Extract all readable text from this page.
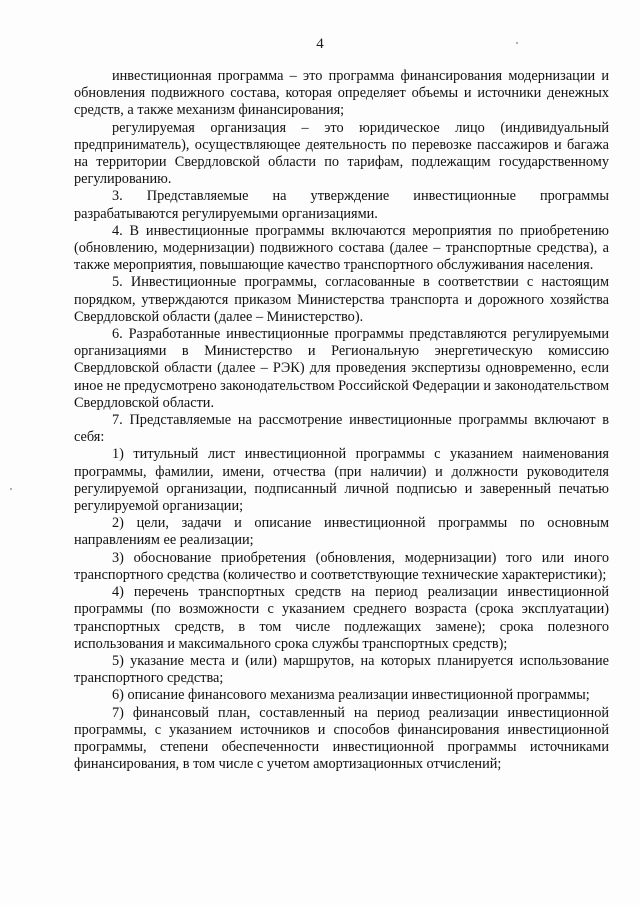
4

инвестиционная программа – это программа финансирования модернизации и обновления подвижного состава, которая определяет объемы и источники денежных средств, а также механизм финансирования;

регулируемая организация – это юридическое лицо (индивидуальный предприниматель), осуществляющее деятельность по перевозке пассажиров и багажа на территории Свердловской области по тарифам, подлежащим государственному регулированию.

3. Представляемые на утверждение инвестиционные программы разрабатываются регулируемыми организациями.

4. В инвестиционные программы включаются мероприятия по приобретению (обновлению, модернизации) подвижного состава (далее – транспортные средства), а также мероприятия, повышающие качество транспортного обслуживания населения.

5. Инвестиционные программы, согласованные в соответствии с настоящим порядком, утверждаются приказом Министерства транспорта и дорожного хозяйства Свердловской области (далее – Министерство).

6. Разработанные инвестиционные программы представляются регулируемыми организациями в Министерство и Региональную энергетическую комиссию Свердловской области (далее – РЭК) для проведения экспертизы одновременно, если иное не предусмотрено законодательством Российской Федерации и законодательством Свердловской области.

7. Представляемые на рассмотрение инвестиционные программы включают в себя:

1) титульный лист инвестиционной программы с указанием наименования программы, фамилии, имени, отчества (при наличии) и должности руководителя регулируемой организации, подписанный личной подписью и заверенный печатью регулируемой организации;

2) цели, задачи и описание инвестиционной программы по основным направлениям ее реализации;

3) обоснование приобретения (обновления, модернизации) того или иного транспортного средства (количество и соответствующие технические характеристики);

4) перечень транспортных средств на период реализации инвестиционной программы (по возможности с указанием среднего возраста (срока эксплуатации) транспортных средств, в том числе подлежащих замене); срока полезного использования и максимального срока службы транспортных средств);

5) указание места и (или) маршрутов, на которых планируется использование транспортного средства;

6) описание финансового механизма реализации инвестиционной программы;

7) финансовый план, составленный на период реализации инвестиционной программы, с указанием источников и способов финансирования инвестиционной программы, степени обеспеченности инвестиционной программы источниками финансирования, в том числе с учетом амортизационных отчислений;
